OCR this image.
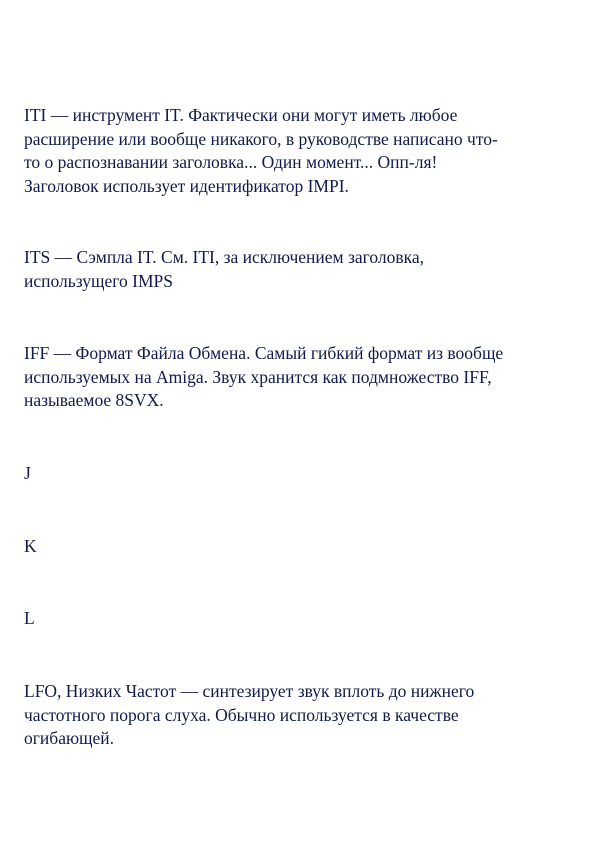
ITI — инструмент IT. Фактически они могут иметь любое
расширение или вообще никакого, в руководстве написано что-
то о распознавании заголовка... Один момент... Опп-ля!
Заголовок использует идентификатор IMPI.

ITS — Сэмпла IT. См. ITI, за исключением заголовка,
использущего IMPS

IFF — Формат Файла Обмена. Самый гибкий формат из вообще
используемых на Amiga. Звук хранится как подмножество IFF,
называемое 8SVX.

J

K

L

LFO, Низких Частот — синтезирует звук вплоть до нижнего
частотного порога слуха. Обычно используется в качестве
огибающей.
